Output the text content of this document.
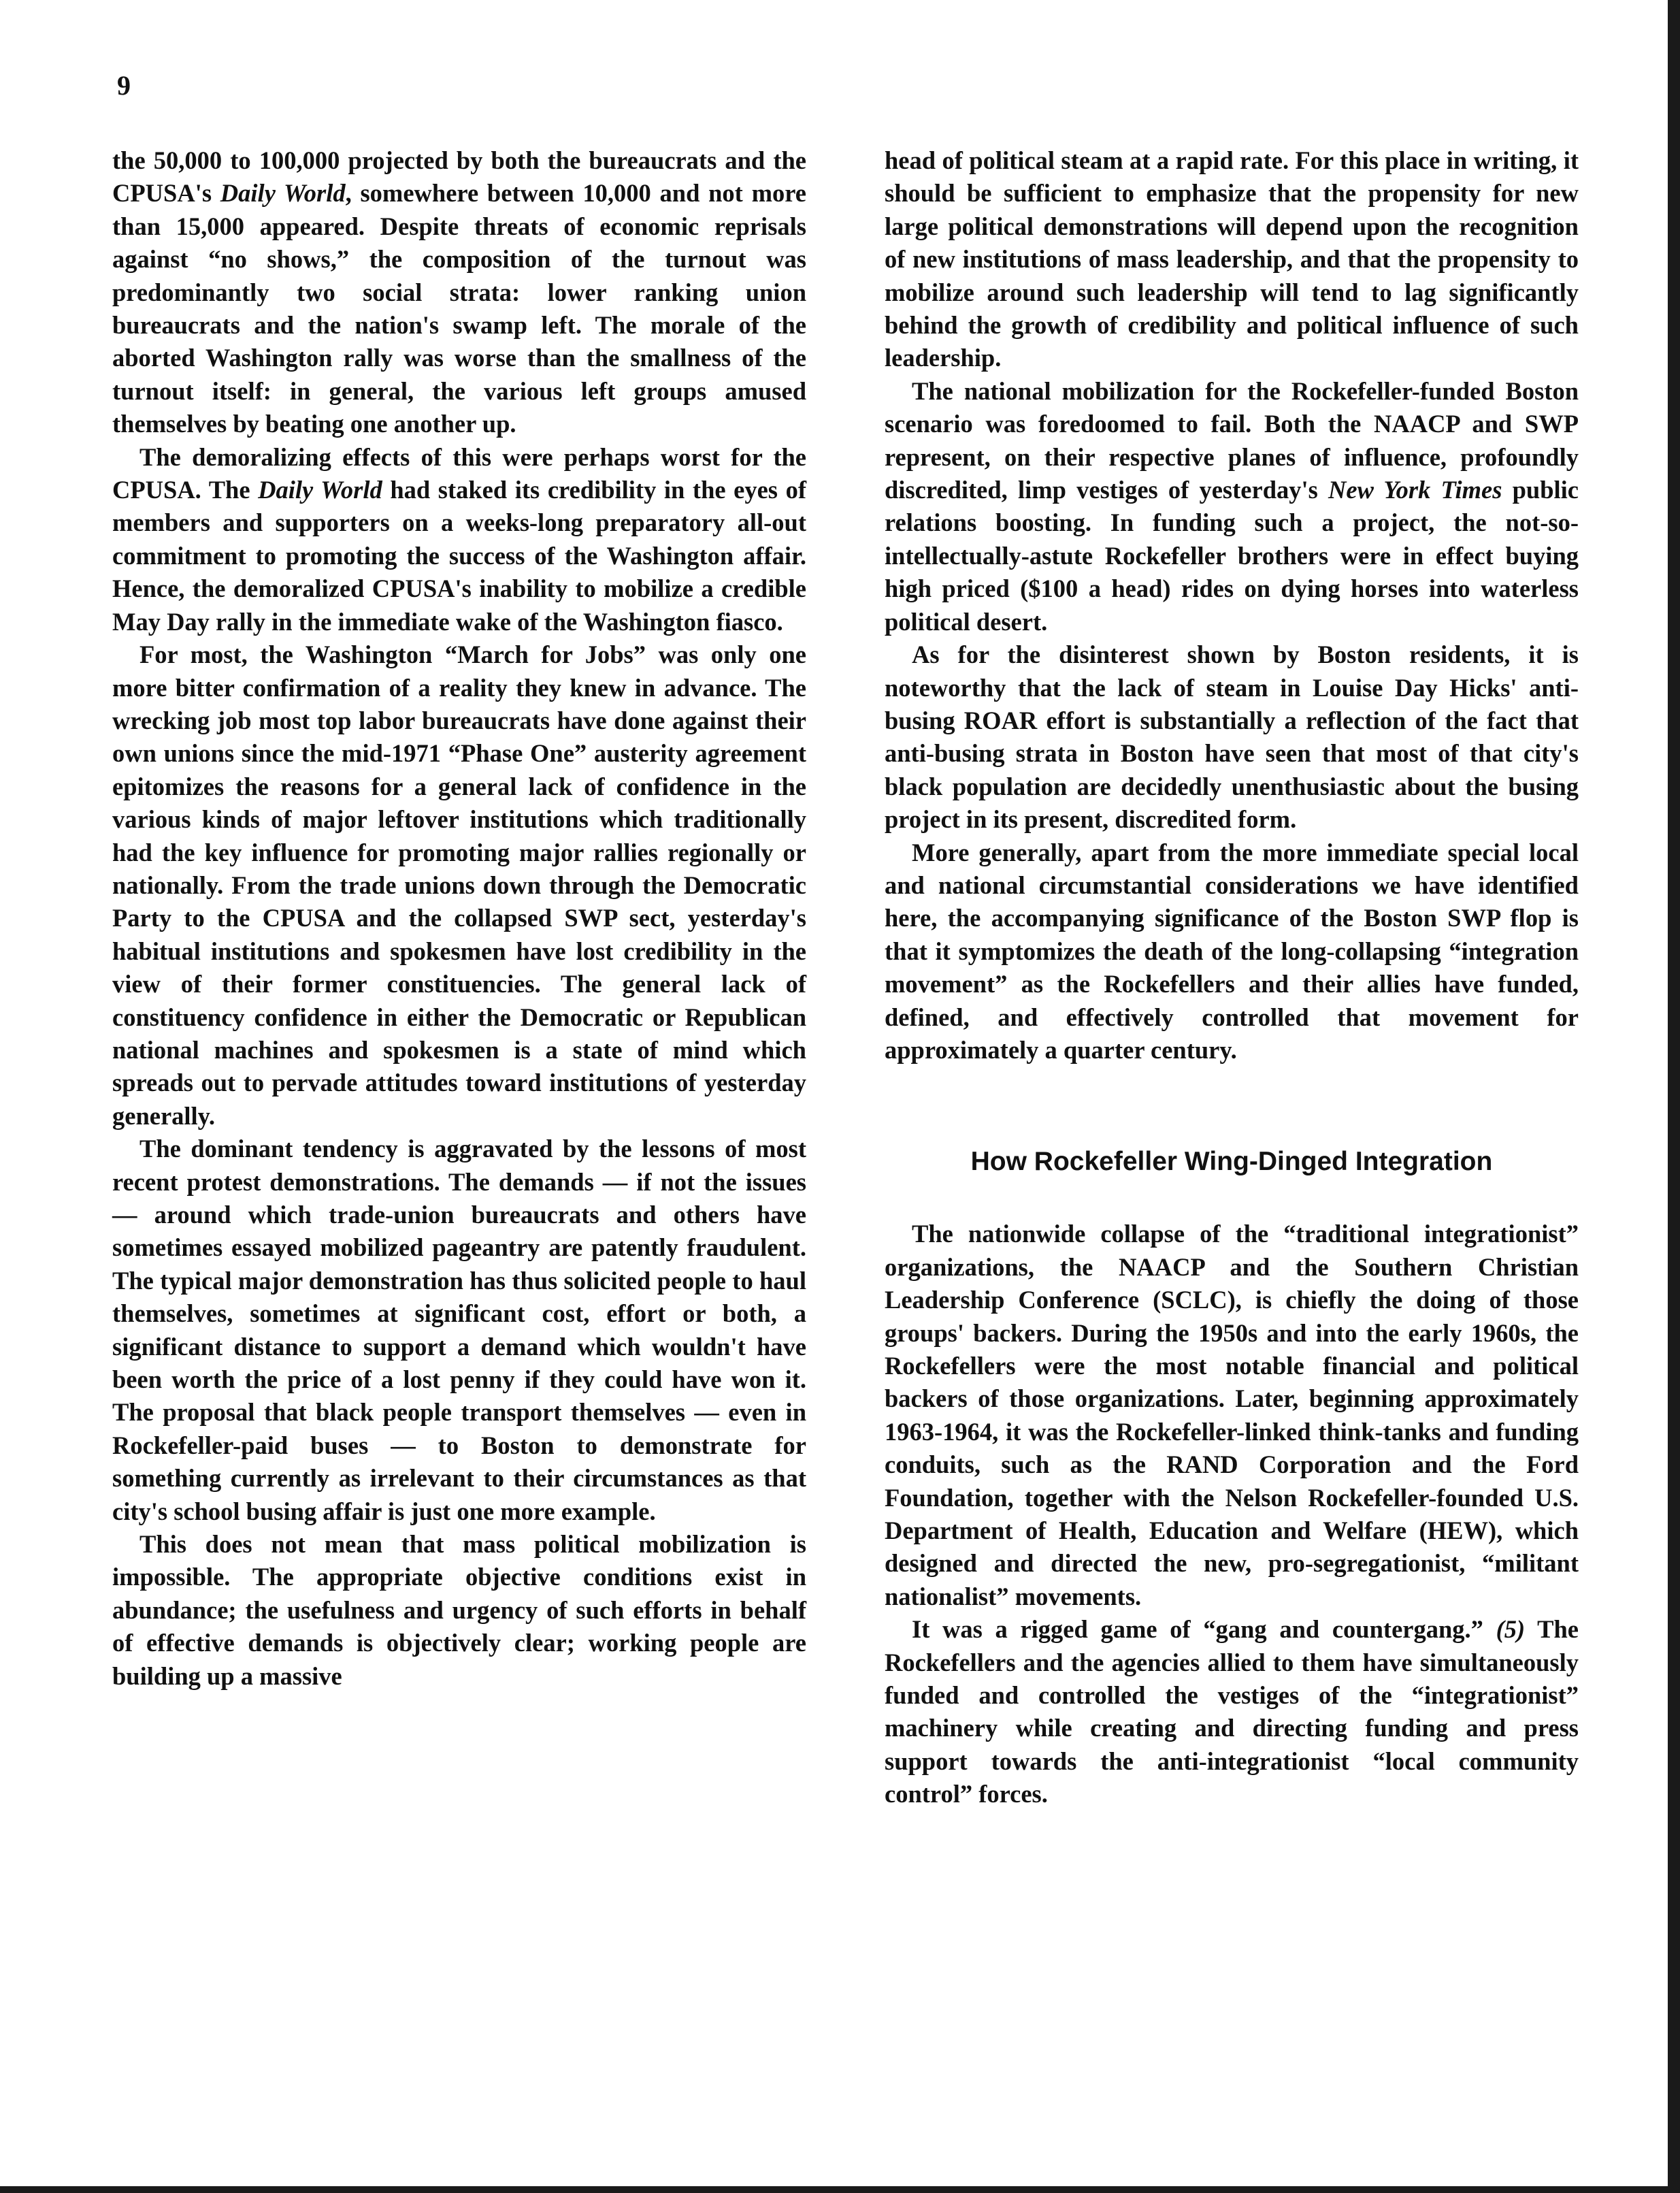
9

the 50,000 to 100,000 projected by both the bureaucrats and the CPUSA's Daily World, somewhere between 10,000 and not more than 15,000 appeared. Despite threats of economic reprisals against “no shows,” the composition of the turnout was predominantly two social strata: lower ranking union bureaucrats and the nation's swamp left. The morale of the aborted Washington rally was worse than the smallness of the turnout itself: in general, the various left groups amused themselves by beating one another up.

The demoralizing effects of this were perhaps worst for the CPUSA. The Daily World had staked its credibility in the eyes of members and supporters on a weeks-long preparatory all-out commitment to promoting the success of the Washington affair. Hence, the demoralized CPUSA's inability to mobilize a credible May Day rally in the immediate wake of the Washington fiasco.

For most, the Washington “March for Jobs” was only one more bitter confirmation of a reality they knew in advance. The wrecking job most top labor bureaucrats have done against their own unions since the mid-1971 “Phase One” austerity agreement epitomizes the reasons for a general lack of confidence in the various kinds of major leftover institutions which traditionally had the key influence for promoting major rallies regionally or nationally. From the trade unions down through the Democratic Party to the CPUSA and the collapsed SWP sect, yesterday's habitual institutions and spokesmen have lost credibility in the view of their former constituencies. The general lack of constituency confidence in either the Democratic or Republican national machines and spokesmen is a state of mind which spreads out to pervade attitudes toward institutions of yesterday generally.

The dominant tendency is aggravated by the lessons of most recent protest demonstrations. The demands — if not the issues — around which trade-union bureaucrats and others have sometimes essayed mobilized pageantry are patently fraudulent. The typical major demonstration has thus solicited people to haul themselves, sometimes at significant cost, effort or both, a significant distance to support a demand which wouldn't have been worth the price of a lost penny if they could have won it. The proposal that black people transport themselves — even in Rockefeller-paid buses — to Boston to demonstrate for something currently as irrelevant to their circumstances as that city's school busing affair is just one more example.

This does not mean that mass political mobilization is impossible. The appropriate objective conditions exist in abundance; the usefulness and urgency of such efforts in behalf of effective demands is objectively clear; working people are building up a massive

head of political steam at a rapid rate. For this place in writing, it should be sufficient to emphasize that the propensity for new large political demonstrations will depend upon the recognition of new institutions of mass leadership, and that the propensity to mobilize around such leadership will tend to lag significantly behind the growth of credibility and political influence of such leadership.

The national mobilization for the Rockefeller-funded Boston scenario was foredoomed to fail. Both the NAACP and SWP represent, on their respective planes of influence, profoundly discredited, limp vestiges of yesterday's New York Times public relations boosting. In funding such a project, the not-so-intellectually-astute Rockefeller brothers were in effect buying high priced ($100 a head) rides on dying horses into waterless political desert.

As for the disinterest shown by Boston residents, it is noteworthy that the lack of steam in Louise Day Hicks' anti-busing ROAR effort is substantially a reflection of the fact that anti-busing strata in Boston have seen that most of that city's black population are decidedly unenthusiastic about the busing project in its present, discredited form.

More generally, apart from the more immediate special local and national circumstantial considerations we have identified here, the accompanying significance of the Boston SWP flop is that it symptomizes the death of the long-collapsing “integration movement” as the Rockefellers and their allies have funded, defined, and effectively controlled that movement for approximately a quarter century.

How Rockefeller Wing-Dinged Integration

The nationwide collapse of the “traditional integrationist” organizations, the NAACP and the Southern Christian Leadership Conference (SCLC), is chiefly the doing of those groups' backers. During the 1950s and into the early 1960s, the Rockefellers were the most notable financial and political backers of those organizations. Later, beginning approximately 1963-1964, it was the Rockefeller-linked think-tanks and funding conduits, such as the RAND Corporation and the Ford Foundation, together with the Nelson Rockefeller-founded U.S. Department of Health, Education and Welfare (HEW), which designed and directed the new, pro-segregationist, “militant nationalist” movements.

It was a rigged game of “gang and countergang.” (5) The Rockefellers and the agencies allied to them have simultaneously funded and controlled the vestiges of the “integrationist” machinery while creating and directing funding and press support towards the anti-integrationist “local community control” forces.
